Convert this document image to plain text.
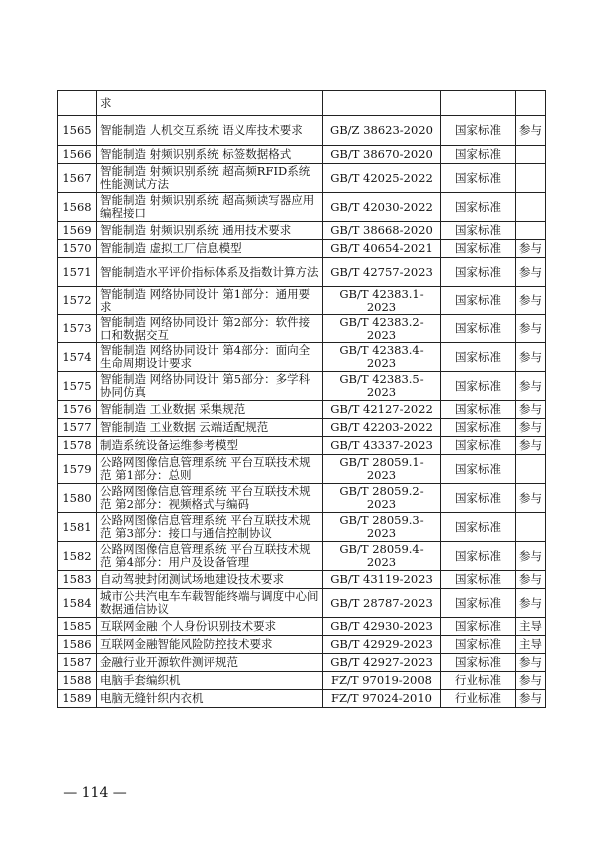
	求			
1565	智能制造 人机交互系统 语义库技术要求	GB/Z 38623-2020	国家标准	参与
1566	智能制造 射频识别系统 标签数据格式	GB/T 38670-2020	国家标准	
1567	智能制造 射频识别系统 超高频RFID系统性能测试方法	GB/T 42025-2022	国家标准	
1568	智能制造 射频识别系统 超高频读写器应用编程接口	GB/T 42030-2022	国家标准	
1569	智能制造 射频识别系统 通用技术要求	GB/T 38668-2020	国家标准	
1570	智能制造 虚拟工厂信息模型	GB/T 40654-2021	国家标准	参与
1571	智能制造水平评价指标体系及指数计算方法	GB/T 42757-2023	国家标准	参与
1572	智能制造 网络协同设计 第1部分：通用要求	GB/T 42383.1-2023	国家标准	参与
1573	智能制造 网络协同设计 第2部分：软件接口和数据交互	GB/T 42383.2-2023	国家标准	参与
1574	智能制造 网络协同设计 第4部分：面向全生命周期设计要求	GB/T 42383.4-2023	国家标准	参与
1575	智能制造 网络协同设计 第5部分：多学科协同仿真	GB/T 42383.5-2023	国家标准	参与
1576	智能制造 工业数据 采集规范	GB/T 42127-2022	国家标准	参与
1577	智能制造 工业数据 云端适配规范	GB/T 42203-2022	国家标准	参与
1578	制造系统设备运维参考模型	GB/T 43337-2023	国家标准	参与
1579	公路网图像信息管理系统 平台互联技术规范 第1部分：总则	GB/T 28059.1-2023	国家标准	
1580	公路网图像信息管理系统 平台互联技术规范 第2部分：视频格式与编码	GB/T 28059.2-2023	国家标准	参与
1581	公路网图像信息管理系统 平台互联技术规范 第3部分：接口与通信控制协议	GB/T 28059.3-2023	国家标准	
1582	公路网图像信息管理系统 平台互联技术规范 第4部分：用户及设备管理	GB/T 28059.4-2023	国家标准	参与
1583	自动驾驶封闭测试场地建设技术要求	GB/T 43119-2023	国家标准	参与
1584	城市公共汽电车车载智能终端与调度中心间数据通信协议	GB/T 28787-2023	国家标准	参与
1585	互联网金融 个人身份识别技术要求	GB/T 42930-2023	国家标准	主导
1586	互联网金融智能风险防控技术要求	GB/T 42929-2023	国家标准	主导
1587	金融行业开源软件测评规范	GB/T 42927-2023	国家标准	参与
1588	电脑手套编织机	FZ/T 97019-2008	行业标准	参与
1589	电脑无缝针织内衣机	FZ/T 97024-2010	行业标准	参与
— 114 —
